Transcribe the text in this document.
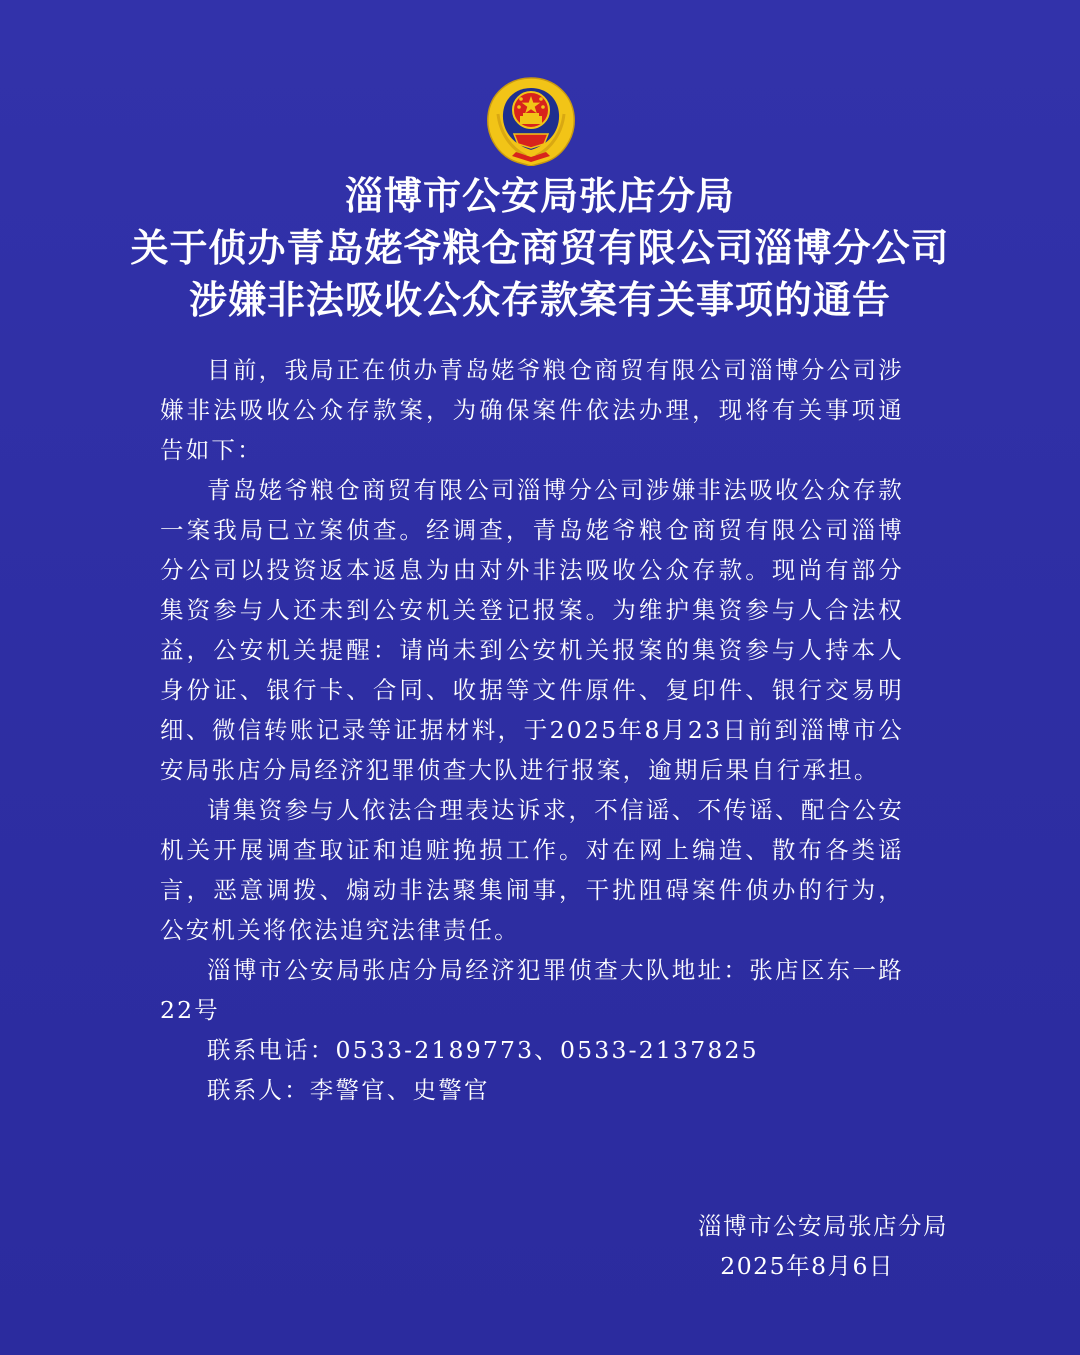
淄博市公安局张店分局
关于侦办青岛姥爷粮仓商贸有限公司淄博分公司
涉嫌非法吸收公众存款案有关事项的通告

目前，我局正在侦办青岛姥爷粮仓商贸有限公司淄博分公司涉嫌非法吸收公众存款案，为确保案件依法办理，现将有关事项通告如下：

青岛姥爷粮仓商贸有限公司淄博分公司涉嫌非法吸收公众存款一案我局已立案侦查。经调查，青岛姥爷粮仓商贸有限公司淄博分公司以投资返本返息为由对外非法吸收公众存款。现尚有部分集资参与人还未到公安机关登记报案。为维护集资参与人合法权益，公安机关提醒：请尚未到公安机关报案的集资参与人持本人身份证、银行卡、合同、收据等文件原件、复印件、银行交易明细、微信转账记录等证据材料，于2025年8月23日前到淄博市公安局张店分局经济犯罪侦查大队进行报案，逾期后果自行承担。

请集资参与人依法合理表达诉求，不信谣、不传谣、配合公安机关开展调查取证和追赃挽损工作。对在网上编造、散布各类谣言，恶意调拨、煽动非法聚集闹事，干扰阻碍案件侦办的行为，公安机关将依法追究法律责任。

淄博市公安局张店分局经济犯罪侦查大队地址：张店区东一路22号

联系电话：0533-2189773、0533-2137825

联系人：李警官、史警官

淄博市公安局张店分局
2025年8月6日
